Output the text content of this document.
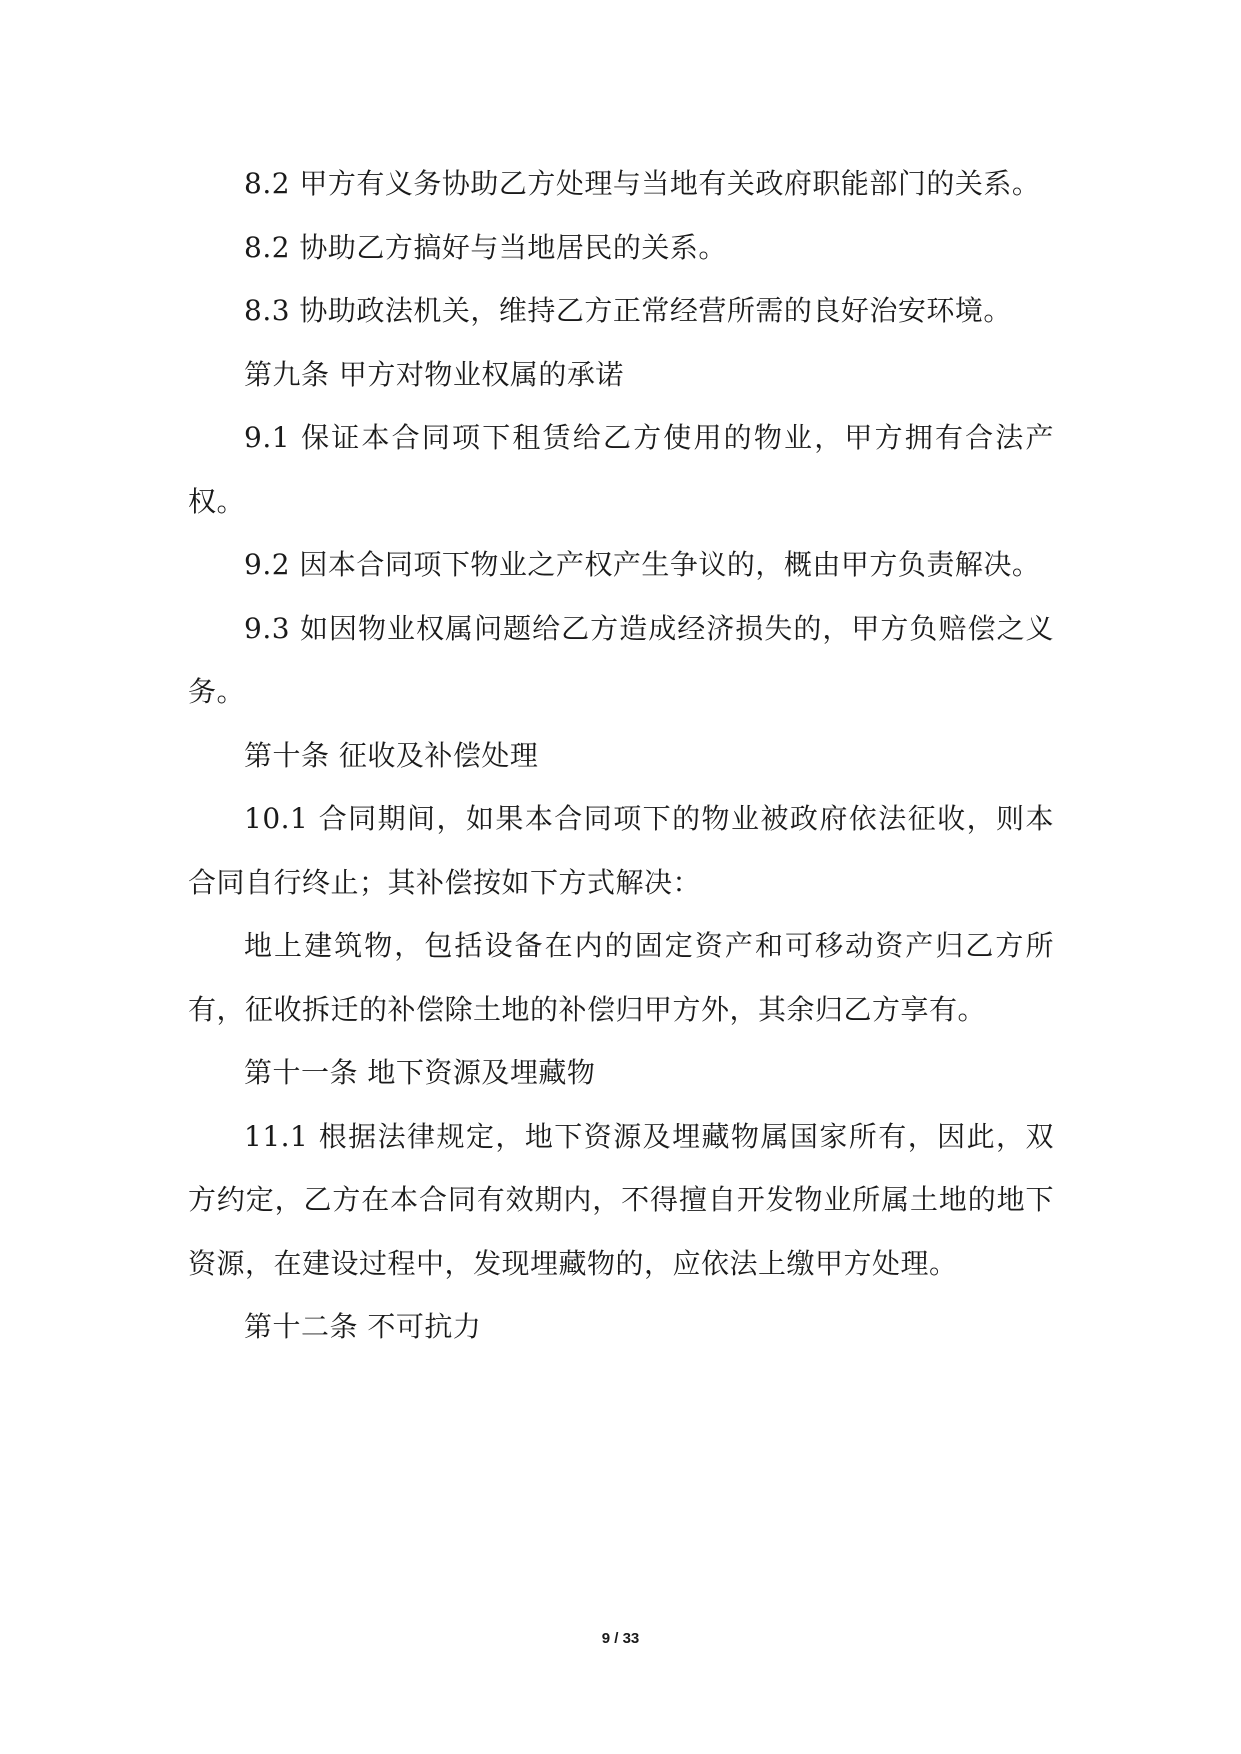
8.2 甲方有义务协助乙方处理与当地有关政府职能部门的关系。

8.2 协助乙方搞好与当地居民的关系。

8.3 协助政法机关，维持乙方正常经营所需的良好治安环境。

第九条 甲方对物业权属的承诺

9.1 保证本合同项下租赁给乙方使用的物业，甲方拥有合法产权。

9.2 因本合同项下物业之产权产生争议的，概由甲方负责解决。

9.3 如因物业权属问题给乙方造成经济损失的，甲方负赔偿之义务。

第十条 征收及补偿处理

10.1 合同期间，如果本合同项下的物业被政府依法征收，则本合同自行终止；其补偿按如下方式解决：

地上建筑物，包括设备在内的固定资产和可移动资产归乙方所有，征收拆迁的补偿除土地的补偿归甲方外，其余归乙方享有。

第十一条 地下资源及埋藏物

11.1 根据法律规定，地下资源及埋藏物属国家所有，因此，双方约定，乙方在本合同有效期内，不得擅自开发物业所属土地的地下资源，在建设过程中，发现埋藏物的，应依法上缴甲方处理。

第十二条 不可抗力

9 / 33
